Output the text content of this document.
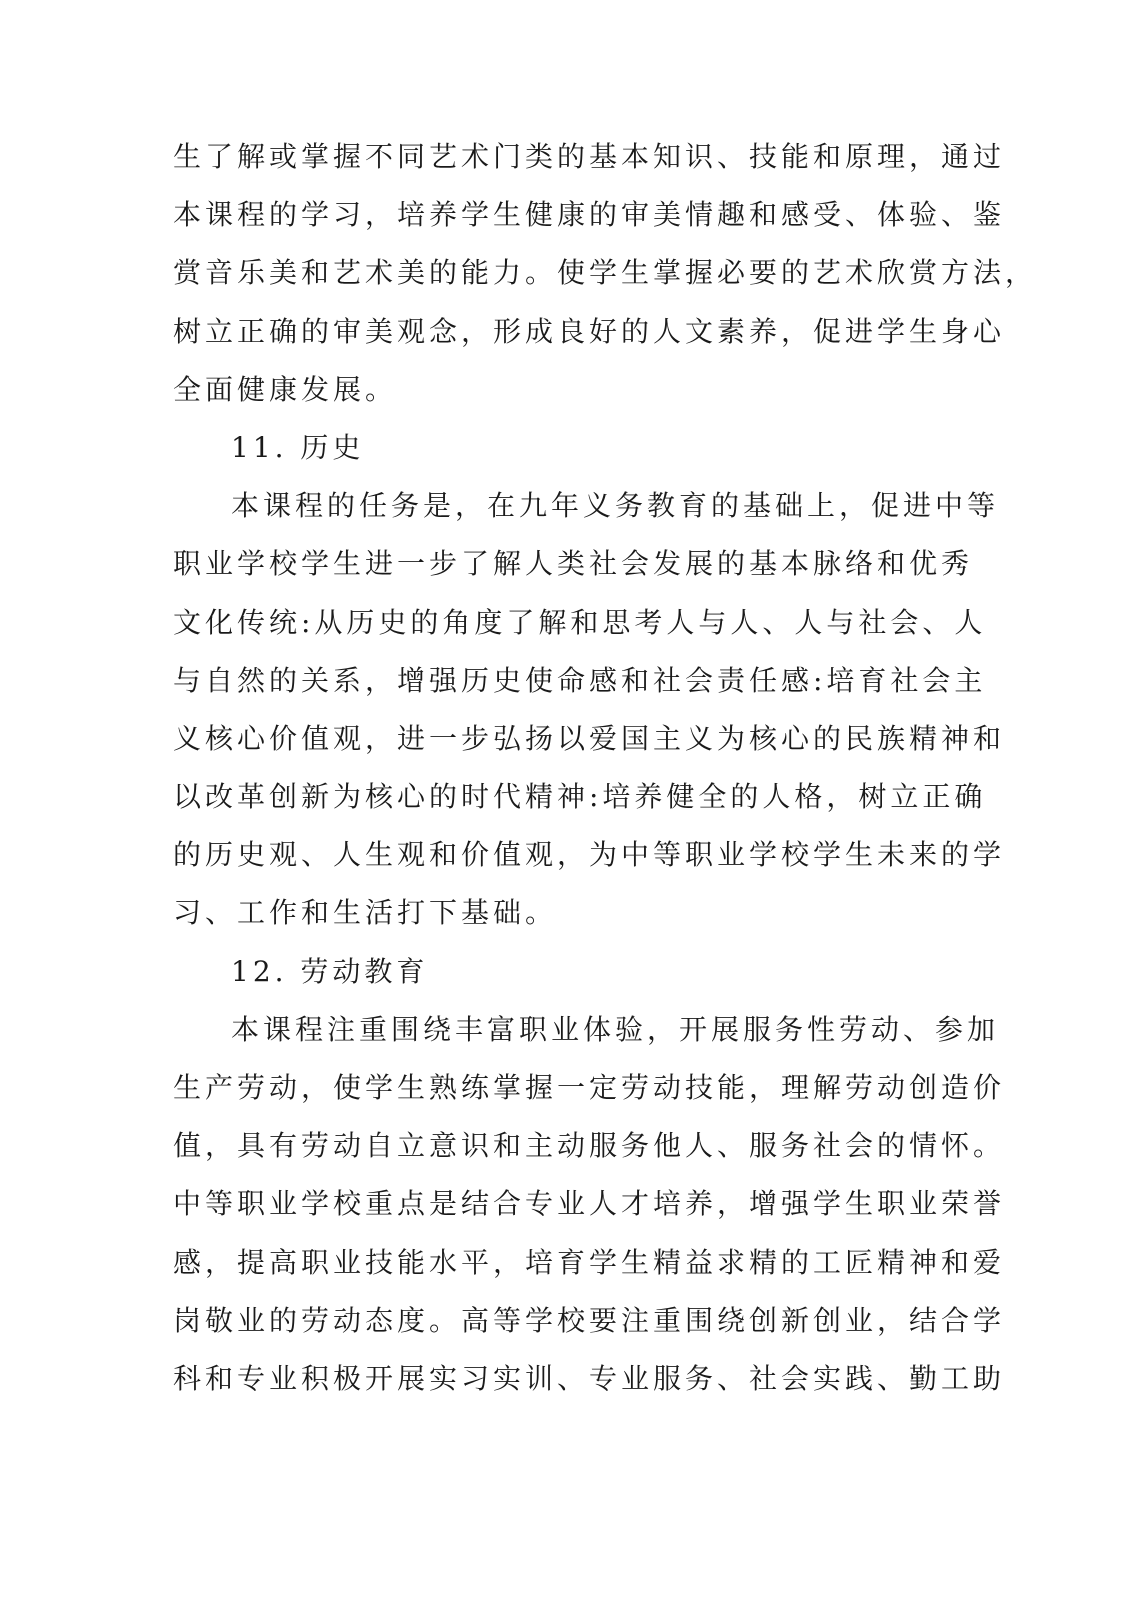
生了解或掌握不同艺术门类的基本知识、技能和原理，通过
本课程的学习，培养学生健康的审美情趣和感受、体验、鉴
赏音乐美和艺术美的能力。使学生掌握必要的艺术欣赏方法，
树立正确的审美观念，形成良好的人文素养，促进学生身心
全面健康发展。
11. 历史
本课程的任务是，在九年义务教育的基础上，促进中等
职业学校学生进一步了解人类社会发展的基本脉络和优秀
文化传统:从历史的角度了解和思考人与人、人与社会、人
与自然的关系，增强历史使命感和社会责任感:培育社会主
义核心价值观，进一步弘扬以爱国主义为核心的民族精神和
以改革创新为核心的时代精神:培养健全的人格，树立正确
的历史观、人生观和价值观，为中等职业学校学生未来的学
习、工作和生活打下基础。
12. 劳动教育
本课程注重围绕丰富职业体验，开展服务性劳动、参加
生产劳动，使学生熟练掌握一定劳动技能，理解劳动创造价
值，具有劳动自立意识和主动服务他人、服务社会的情怀。
中等职业学校重点是结合专业人才培养，增强学生职业荣誉
感，提高职业技能水平，培育学生精益求精的工匠精神和爱
岗敬业的劳动态度。高等学校要注重围绕创新创业，结合学
科和专业积极开展实习实训、专业服务、社会实践、勤工助
